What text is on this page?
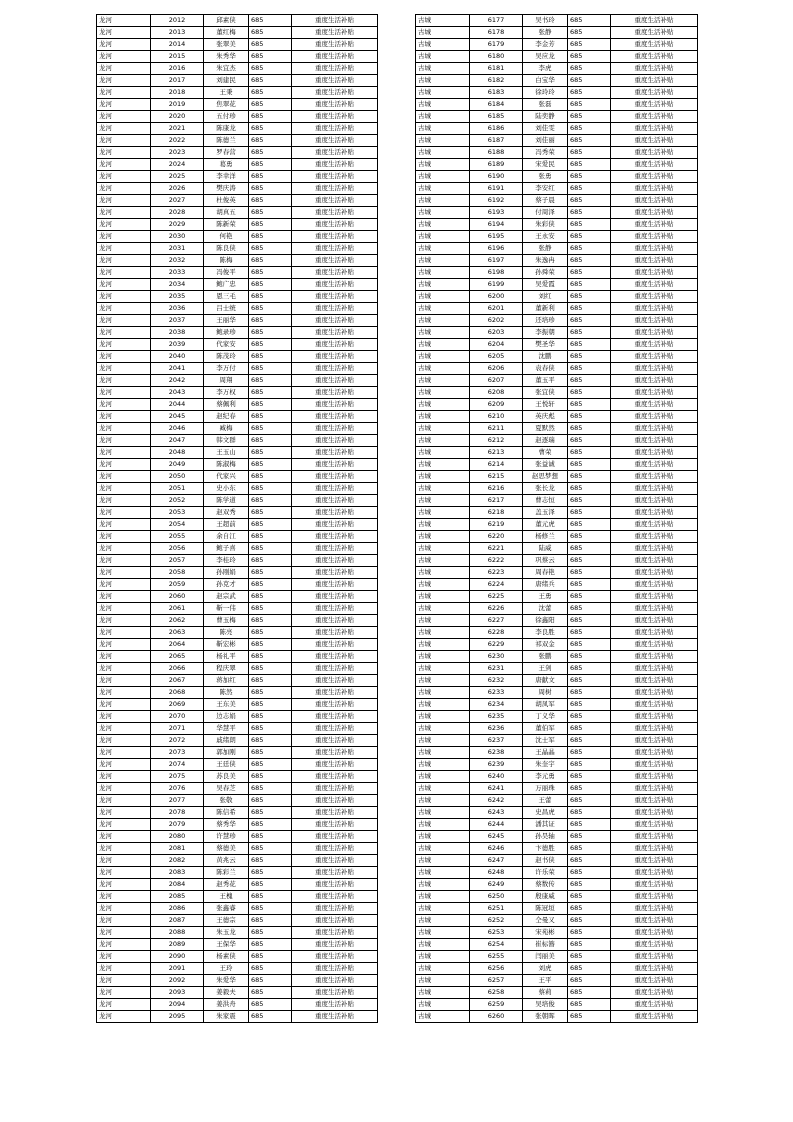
龙河	2012	邱素侠	685	重度生活补贴
龙河	2013	董红梅	685	重度生活补贴
龙河	2014	张翠美	685	重度生活补贴
龙河	2015	朱秀华	685	重度生活补贴
龙河	2016	朱宜杰	685	重度生活补贴
龙河	2017	刘建民	685	重度生活补贴
龙河	2018	王秉	685	重度生活补贴
龙河	2019	焦翠花	685	重度生活补贴
龙河	2020	五付珍	685	重度生活补贴
龙河	2021	陈康龙	685	重度生活补贴
龙河	2022	陈德兰	685	重度生活补贴
龙河	2023	罗春营	685	重度生活补贴
龙河	2024	葛勇	685	重度生活补贴
龙河	2025	李幸洋	685	重度生活补贴
龙河	2026	樊庆涛	685	重度生活补贴
龙河	2027	杜俊英	685	重度生活补贴
龙河	2028	胡真五	685	重度生活补贴
龙河	2029	陈新荣	685	重度生活补贴
龙河	2030	何艳	685	重度生活补贴
龙河	2031	陈良侠	685	重度生活补贴
龙河	2032	陈梅	685	重度生活补贴
龙河	2033	冯俊平	685	重度生活补贴
龙河	2034	鲍广忠	685	重度生活补贴
龙河	2035	恩三毛	685	重度生活补贴
龙河	2036	吕士统	685	重度生活补贴
龙河	2037	王丽华	685	重度生活补贴
龙河	2038	鲍录珍	685	重度生活补贴
龙河	2039	代家安	685	重度生活补贴
龙河	2040	陈茂玲	685	重度生活补贴
龙河	2041	李万付	685	重度生活补贴
龙河	2042	周翔	685	重度生活补贴
龙河	2043	李万权	685	重度生活补贴
龙河	2044	蔡佩利	685	重度生活补贴
龙河	2045	赵纪春	685	重度生活补贴
龙河	2046	臧梅	685	重度生活补贴
龙河	2047	韩文群	685	重度生活补贴
龙河	2048	王玉山	685	重度生活补贴
龙河	2049	陈淑梅	685	重度生活补贴
龙河	2050	代家兴	685	重度生活补贴
龙河	2051	史小东	685	重度生活补贴
龙河	2052	陈学道	685	重度生活补贴
龙河	2053	赵双秀	685	重度生活补贴
龙河	2054	王超前	685	重度生活补贴
龙河	2055	余自江	685	重度生活补贴
龙河	2056	鲍子喜	685	重度生活补贴
龙河	2057	李桂玲	685	重度生活补贴
龙河	2058	孙刚娟	685	重度生活补贴
龙河	2059	孙克才	685	重度生活补贴
龙河	2060	赵宗武	685	重度生活补贴
龙河	2061	靳一伟	685	重度生活补贴
龙河	2062	曹玉梅	685	重度生活补贴
龙河	2063	陈亮	685	重度生活补贴
龙河	2064	靳宏彬	685	重度生活补贴
龙河	2065	杨礼平	685	重度生活补贴
龙河	2066	程庆翠	685	重度生活补贴
龙河	2067	蒋加红	685	重度生活补贴
龙河	2068	陈然	685	重度生活补贴
龙河	2069	王东美	685	重度生活补贴
龙河	2070	边志娟	685	重度生活补贴
龙河	2071	华慧平	685	重度生活补贴
龙河	2072	戚绪朗	685	重度生活补贴
龙河	2073	郭加刚	685	重度生活补贴
龙河	2074	王廷侠	685	重度生活补贴
龙河	2075	苏良美	685	重度生活补贴
龙河	2076	吴春芝	685	重度生活补贴
龙河	2077	张敬	685	重度生活补贴
龙河	2078	陈信希	685	重度生活补贴
龙河	2079	蔡秀华	685	重度生活补贴
龙河	2080	许慧珍	685	重度生活补贴
龙河	2081	蔡德美	685	重度生活补贴
龙河	2082	黄兆云	685	重度生活补贴
龙河	2083	陈彩兰	685	重度生活补贴
龙河	2084	赵秀花	685	重度生活补贴
龙河	2085	王槐	685	重度生活补贴
龙河	2086	张鑫睿	685	重度生活补贴
龙河	2087	王德宗	685	重度生活补贴
龙河	2088	朱玉龙	685	重度生活补贴
龙河	2089	王保华	685	重度生活补贴
龙河	2090	杨素侠	685	重度生活补贴
龙河	2091	王玲	685	重度生活补贴
龙河	2092	朱爱华	685	重度生活补贴
龙河	2093	姜毅夫	685	重度生活补贴
龙河	2094	姜洪舟	685	重度生活补贴
龙河	2095	朱家震	685	重度生活补贴
古城	6177	吴书玲	685	重度生活补贴
古城	6178	张静	685	重度生活补贴
古城	6179	李金芳	685	重度生活补贴
古城	6180	吴应龙	685	重度生活补贴
古城	6181	李虎	685	重度生活补贴
古城	6182	白宝华	685	重度生活补贴
古城	6183	徐玲玲	685	重度生活补贴
古城	6184	张磊	685	重度生活补贴
古城	6185	陆奕静	685	重度生活补贴
古城	6186	刘佳雯	685	重度生活补贴
古城	6187	刘佳丽	685	重度生活补贴
古城	6188	冯秀荣	685	重度生活补贴
古城	6189	宋爱民	685	重度生活补贴
古城	6190	张勇	685	重度生活补贴
古城	6191	李安红	685	重度生活补贴
古城	6192	蔡子晨	685	重度生活补贴
古城	6193	付周泽	685	重度生活补贴
古城	6194	朱彩侠	685	重度生活补贴
古城	6195	王永安	685	重度生活补贴
古城	6196	张静	685	重度生活补贴
古城	6197	朱逸冉	685	重度生活补贴
古城	6198	孙舜荣	685	重度生活补贴
古城	6199	吴爱霞	685	重度生活补贴
古城	6200	刘红	685	重度生活补贴
古城	6201	董新利	685	重度生活补贴
古城	6202	还培珍	685	重度生活补贴
古城	6203	李振朝	685	重度生活补贴
古城	6204	樊圣华	685	重度生活补贴
古城	6205	沈鹏	685	重度生活补贴
古城	6206	袁春侠	685	重度生活补贴
古城	6207	董玉平	685	重度生活补贴
古城	6208	张宜侠	685	重度生活补贴
古城	6209	王悦轩	685	重度生活补贴
古城	6210	英庆彪	685	重度生活补贴
古城	6211	夏默然	685	重度生活补贴
古城	6212	赵逐瑞	685	重度生活补贴
古城	6213	曹荣	685	重度生活补贴
古城	6214	张益诚	685	重度生活补贴
古城	6215	赵思梦想	685	重度生活补贴
古城	6216	张长龙	685	重度生活补贴
古城	6217	曹志恒	685	重度生活补贴
古城	6218	盖玉泽	685	重度生活补贴
古城	6219	董元虎	685	重度生活补贴
古城	6220	杨修兰	685	重度生活补贴
古城	6221	陆威	685	重度生活补贴
古城	6222	巩蔡云	685	重度生活补贴
古城	6223	周春艳	685	重度生活补贴
古城	6224	唐绪兵	685	重度生活补贴
古城	6225	王勇	685	重度生活补贴
古城	6226	沈蕾	685	重度生活补贴
古城	6227	徐鑫阳	685	重度生活补贴
古城	6228	李良胜	685	重度生活补贴
古城	6229	祁双金	685	重度生活补贴
古城	6230	张鹏	685	重度生活补贴
古城	6231	王剑	685	重度生活补贴
古城	6232	唐献文	685	重度生活补贴
古城	6233	周树	685	重度生活补贴
古城	6234	胡凤军	685	重度生活补贴
古城	6235	丁义华	685	重度生活补贴
古城	6236	董伯军	685	重度生活补贴
古城	6237	沈士军	685	重度生活补贴
古城	6238	王晶晶	685	重度生活补贴
古城	6239	朱奎宇	685	重度生活补贴
古城	6240	李元勇	685	重度生活补贴
古城	6241	万丽珠	685	重度生活补贴
古城	6242	王蕾	685	重度生活补贴
古城	6243	史昌虎	685	重度生活补贴
古城	6244	潘其证	685	重度生活补贴
古城	6245	孙昊轴	685	重度生活补贴
古城	6246	卞德胜	685	重度生活补贴
古城	6247	赵书侠	685	重度生活补贴
古城	6248	许乐荣	685	重度生活补贴
古城	6249	蔡数传	685	重度生活补贴
古城	6250	殷康威	685	重度生活补贴
古城	6251	陈冠垣	685	重度生活补贴
古城	6252	仝曼又	685	重度生活补贴
古城	6253	宋苑彬	685	重度生活补贴
古城	6254	崔标簪	685	重度生活补贴
古城	6255	闫丽美	685	重度生活补贴
古城	6256	刘虎	685	重度生活补贴
古城	6257	王平	685	重度生活补贴
古城	6258	蔡莉	685	重度生活补贴
古城	6259	吴培俊	685	重度生活补贴
古城	6260	张朝晖	685	重度生活补贴
